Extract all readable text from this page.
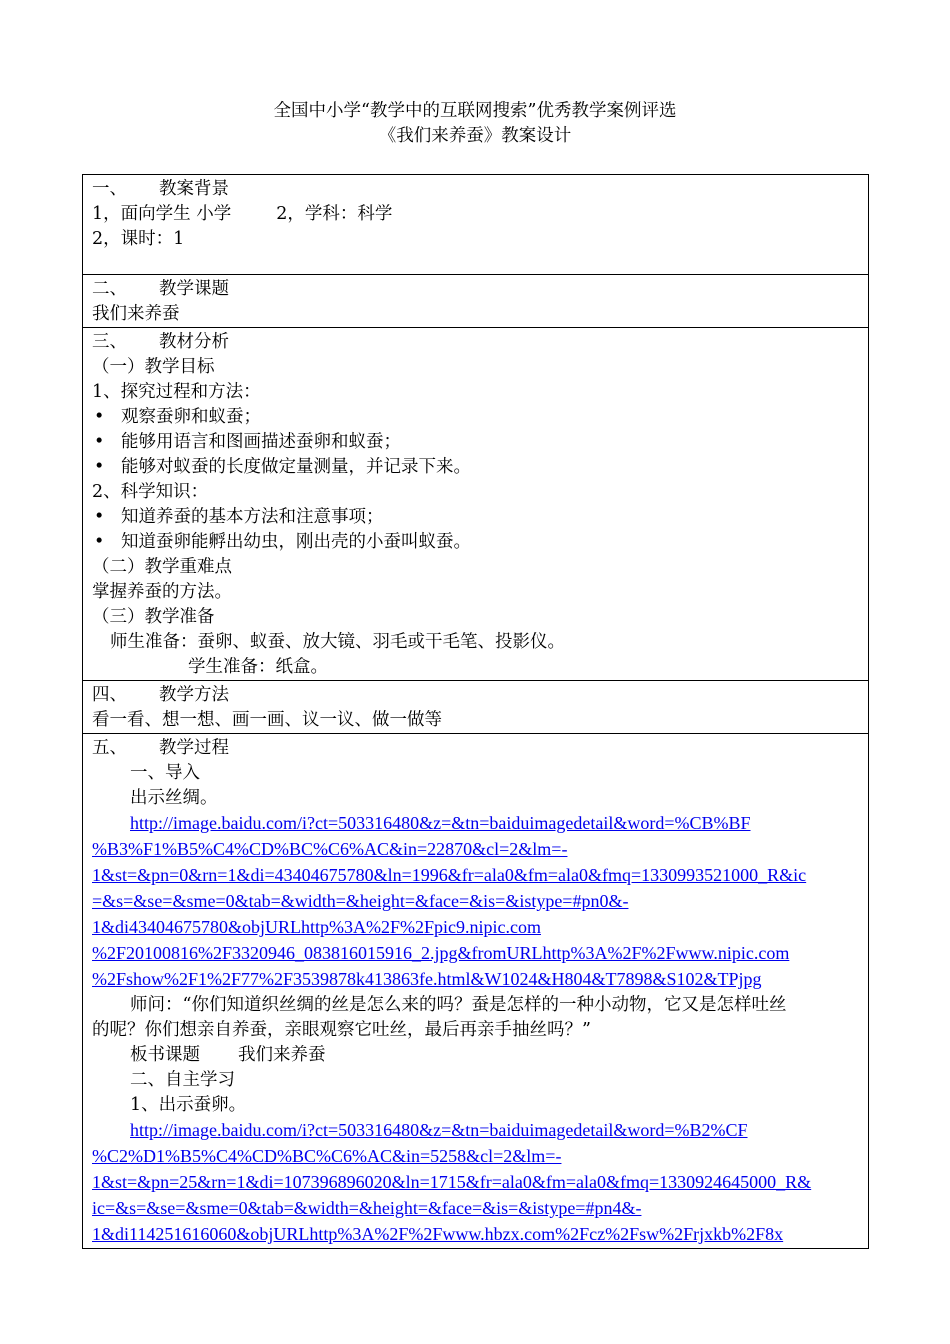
全国中小学“教学中的互联网搜索”优秀教学案例评选
《我们来养蚕》教案设计
一、 教案背景
1，面向学生 小学	2，学科：科学
2，课时：1

二、 教学课题
我们来养蚕

三、 教材分析
（一）教学目标
1、探究过程和方法：
• 观察蚕卵和蚁蚕；
• 能够用语言和图画描述蚕卵和蚁蚕；
• 能够对蚁蚕的长度做定量测量，并记录下来。
2、科学知识：
• 知道养蚕的基本方法和注意事项；
• 知道蚕卵能孵出幼虫，刚出壳的小蚕叫蚁蚕。
（二）教学重难点
掌握养蚕的方法。
（三）教学准备
师生准备：蚕卵、蚁蚕、放大镜、羽毛或干毛笔、投影仪。
学生准备：纸盒。

四、 教学方法
看一看、想一想、画一画、议一议、做一做等

五、 教学过程
一、导入
出示丝绸。
http://image.baidu.com/i?ct=503316480&z=&tn=baiduimagedetail&word=%CB%BF
%B3%F1%B5%C4%CD%BC%C6%AC&in=22870&cl=2&lm=-
1&st=&pn=0&rn=1&di=43404675780&ln=1996&fr=ala0&fm=ala0&fmq=1330993521000_R&ic
=&s=&se=&sme=0&tab=&width=&height=&face=&is=&istype=#pn0&-
1&di43404675780&objURLhttp%3A%2F%2Fpic9.nipic.com
%2F20100816%2F3320946_083816015916_2.jpg&fromURLhttp%3A%2F%2Fwww.nipic.com
%2Fshow%2F1%2F77%2F3539878k413863fe.html&W1024&H804&T7898&S102&TPjpg
师问：“你们知道织丝绸的丝是怎么来的吗？蚕是怎样的一种小动物，它又是怎样吐丝
的呢？你们想亲自养蚕，亲眼观察它吐丝，最后再亲手抽丝吗？”
板书课题 我们来养蚕
二、自主学习
1、出示蚕卵。
http://image.baidu.com/i?ct=503316480&z=&tn=baiduimagedetail&word=%B2%CF
%C2%D1%B5%C4%CD%BC%C6%AC&in=5258&cl=2&lm=-
1&st=&pn=25&rn=1&di=107396896020&ln=1715&fr=ala0&fm=ala0&fmq=1330924645000_R&
ic=&s=&se=&sme=0&tab=&width=&height=&face=&is=&istype=#pn4&-
1&di114251616060&objURLhttp%3A%2F%2Fwww.hbzx.com%2Fcz%2Fsw%2Frjxkb%2F8x
